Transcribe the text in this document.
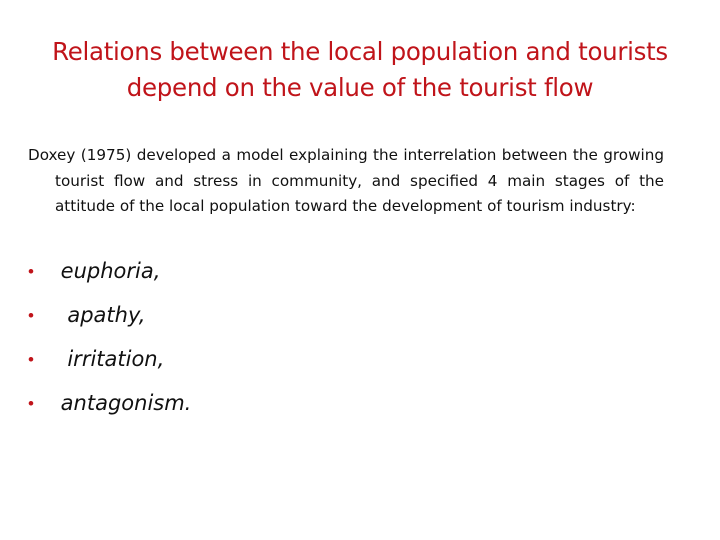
Relations between the local population and tourists
depend on the value of the tourist flow

Doxey (1975) developed a model explaining the interrelation between the growing tourist flow and stress in community, and specified 4 main stages of the attitude of the local population toward the development of tourism industry:

• euphoria,
• apathy,
• irritation,
• antagonism.
